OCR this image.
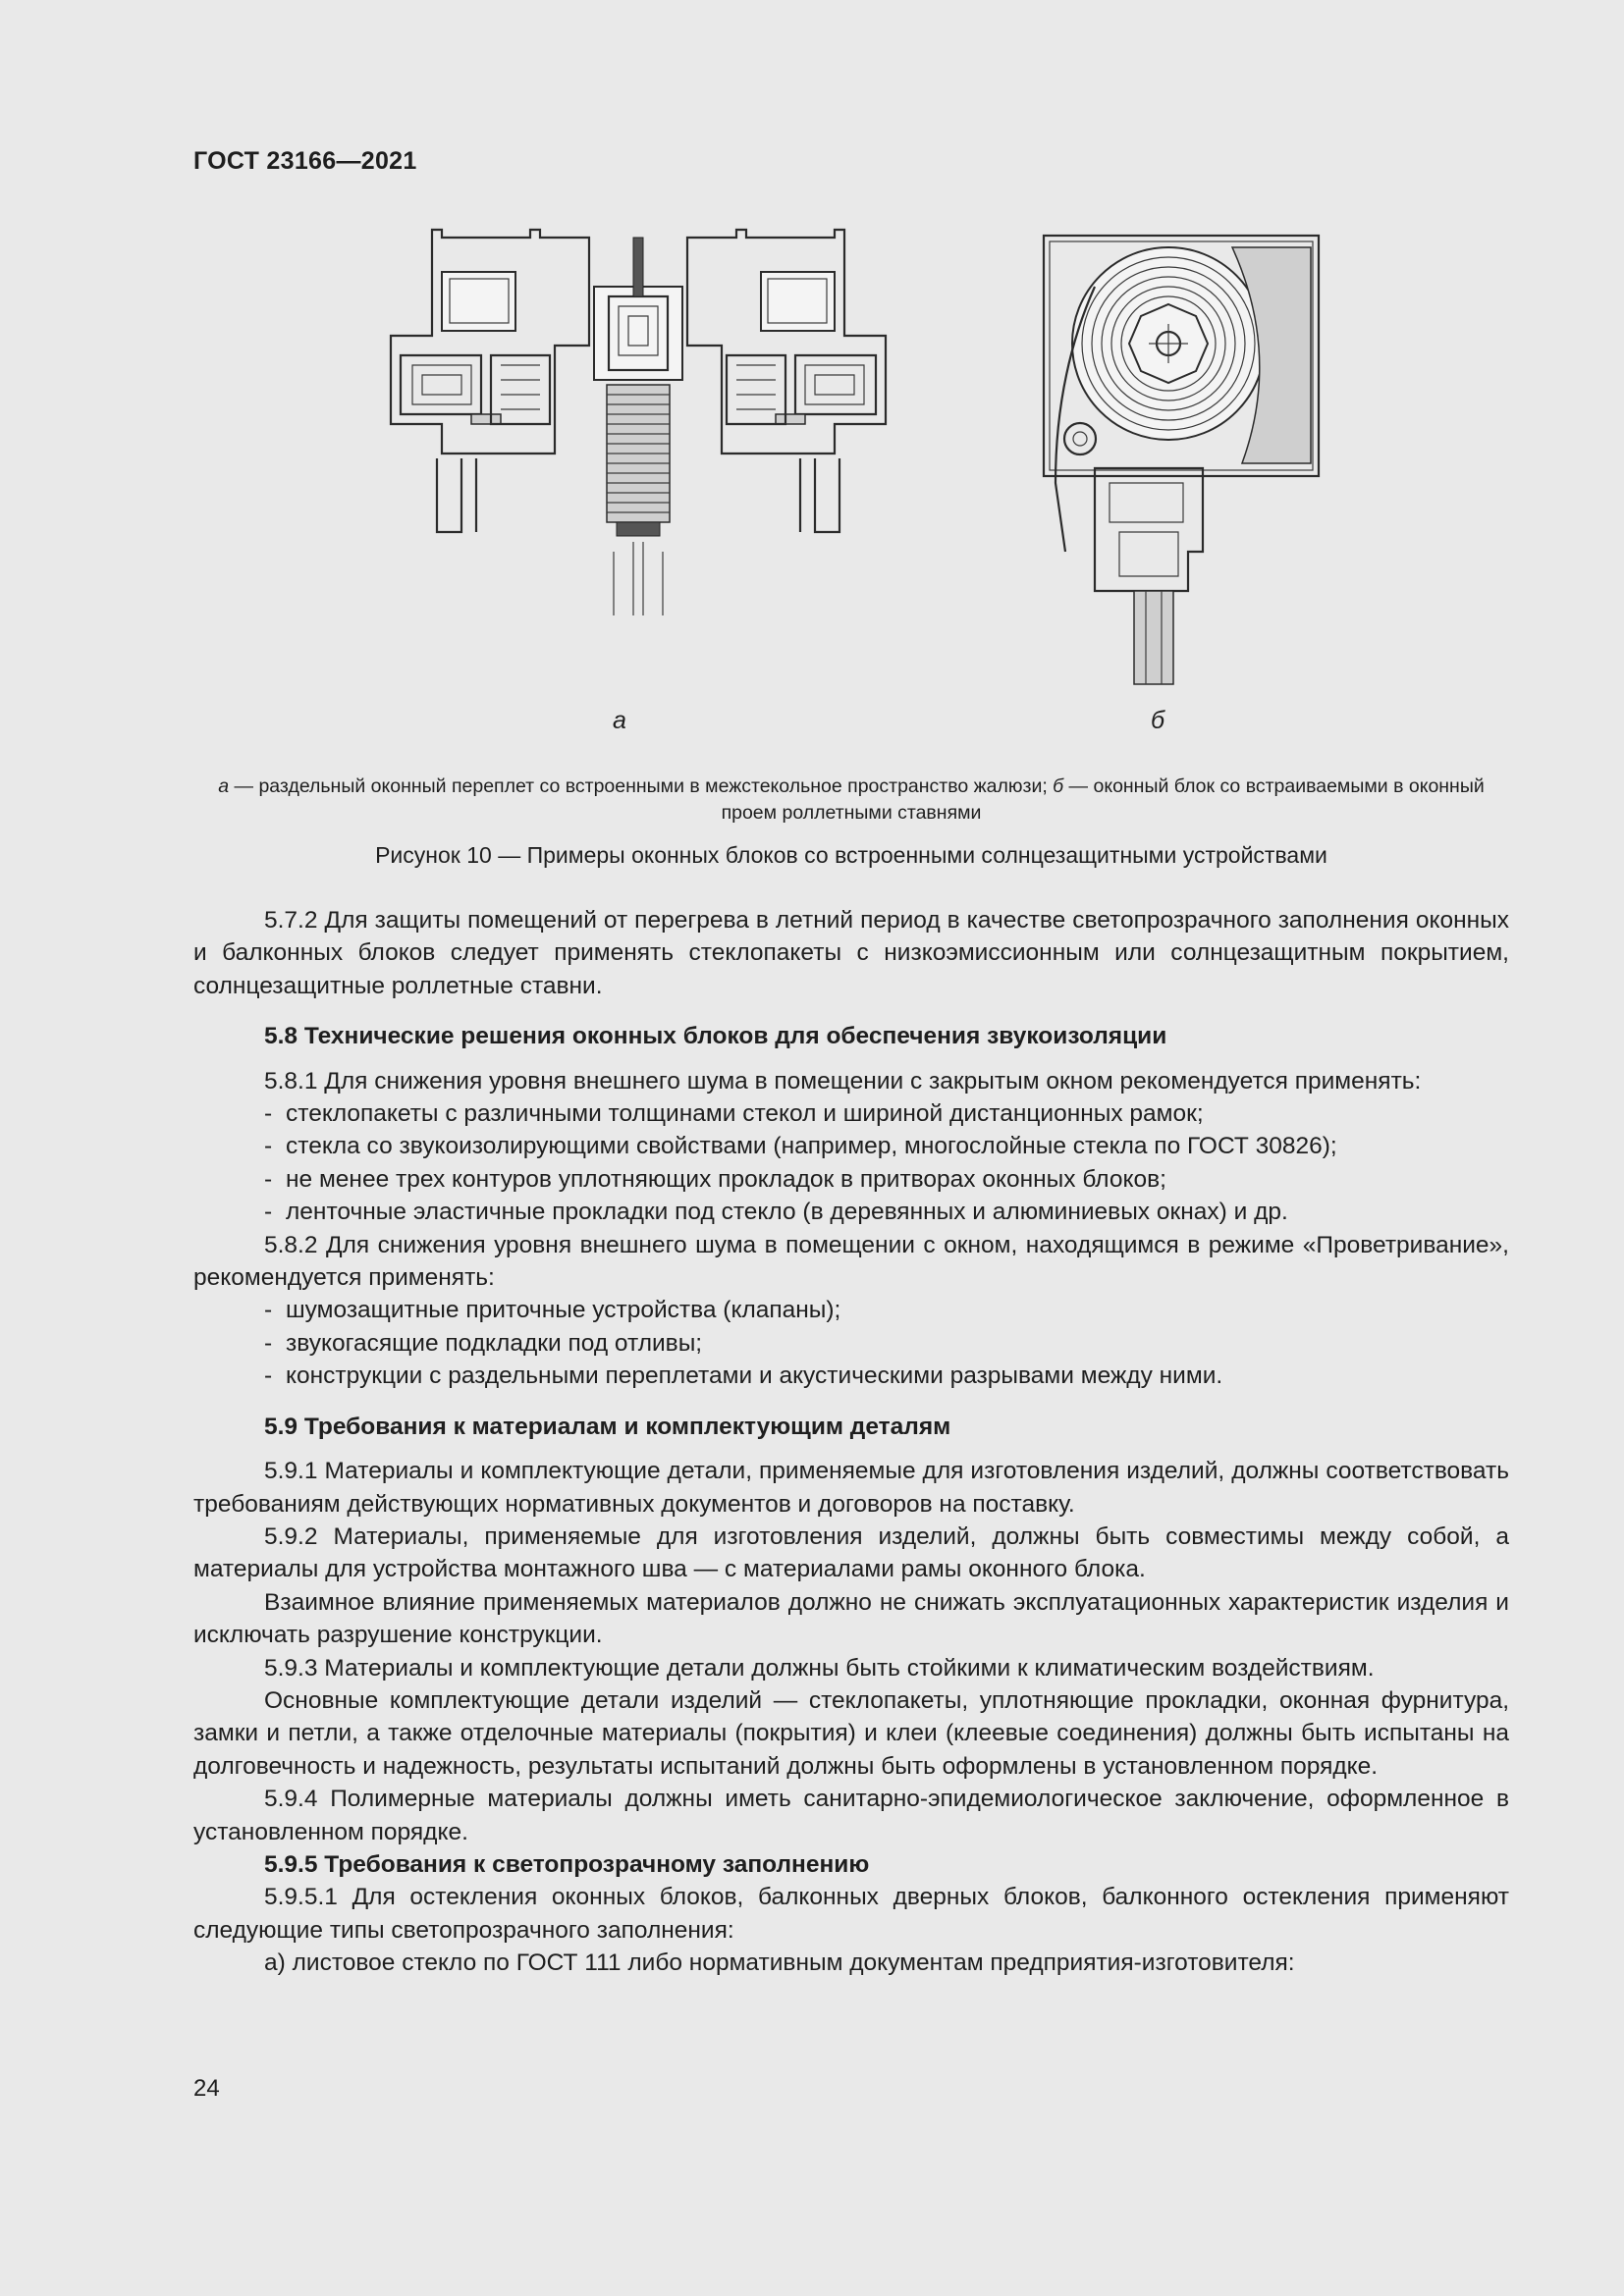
ГОСТ 23166—2021
а	б
а — раздельный оконный переплет со встроенными в межстекольное пространство жалюзи; б — оконный блок со встраиваемыми в оконный проем роллетными ставнями
Рисунок 10 — Примеры оконных блоков со встроенными солнцезащитными устройствами

5.7.2 Для защиты помещений от перегрева в летний период в качестве светопрозрачного заполнения оконных и балконных блоков следует применять стеклопакеты с низкоэмиссионным или солнцезащитным покрытием, солнцезащитные роллетные ставни.

5.8 Технические решения оконных блоков для обеспечения звукоизоляции

5.8.1 Для снижения уровня внешнего шума в помещении с закрытым окном рекомендуется применять:

- стеклопакеты с различными толщинами стекол и шириной дистанционных рамок;
- стекла со звукоизолирующими свойствами (например, многослойные стекла по ГОСТ 30826);
- не менее трех контуров уплотняющих прокладок в притворах оконных блоков;
- ленточные эластичные прокладки под стекло (в деревянных и алюминиевых окнах) и др.

5.8.2 Для снижения уровня внешнего шума в помещении с окном, находящимся в режиме «Проветривание», рекомендуется применять:

- шумозащитные приточные устройства (клапаны);
- звукогасящие подкладки под отливы;
- конструкции с раздельными переплетами и акустическими разрывами между ними.
5.9 Требования к материалам и комплектующим деталям

5.9.1 Материалы и комплектующие детали, применяемые для изготовления изделий, должны соответствовать требованиям действующих нормативных документов и договоров на поставку.

5.9.2 Материалы, применяемые для изготовления изделий, должны быть совместимы между собой, а материалы для устройства монтажного шва — с материалами рамы оконного блока.

Взаимное влияние применяемых материалов должно не снижать эксплуатационных характеристик изделия и исключать разрушение конструкции.

5.9.3 Материалы и комплектующие детали должны быть стойкими к климатическим воздействиям.

Основные комплектующие детали изделий — стеклопакеты, уплотняющие прокладки, оконная фурнитура, замки и петли, а также отделочные материалы (покрытия) и клеи (клеевые соединения) должны быть испытаны на долговечность и надежность, результаты испытаний должны быть оформлены в установленном порядке.

5.9.4 Полимерные материалы должны иметь санитарно-эпидемиологическое заключение, оформленное в установленном порядке.

5.9.5 Требования к светопрозрачному заполнению

5.9.5.1 Для остекления оконных блоков, балконных дверных блоков, балконного остекления применяют следующие типы светопрозрачного заполнения:

а) листовое стекло по ГОСТ 111 либо нормативным документам предприятия-изготовителя:

24
